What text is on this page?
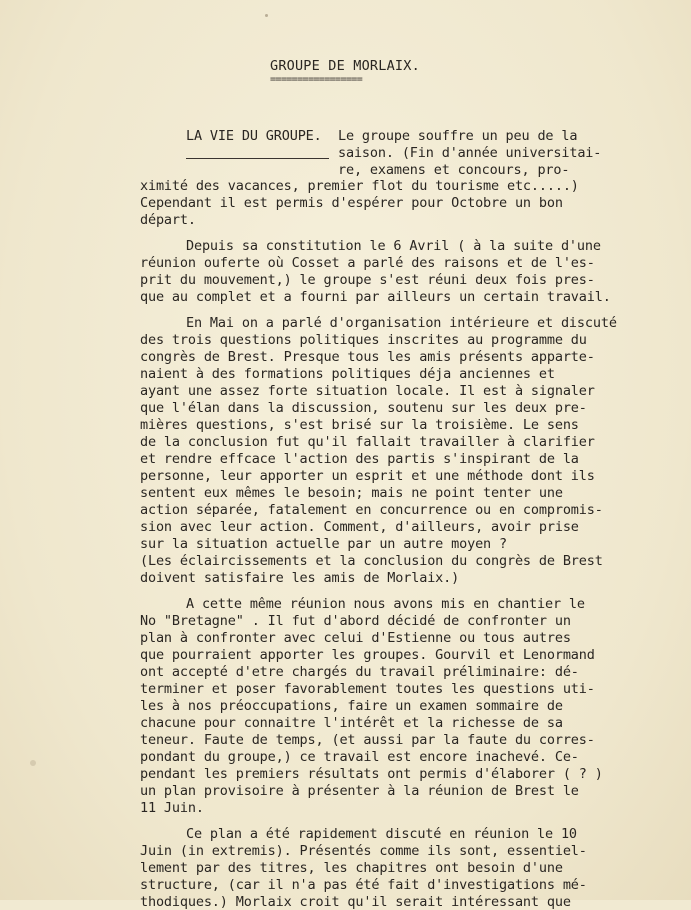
GROUPE DE MORLAIX.
=================
LA VIE DU GROUPE. Le groupe souffre un peu de la
saison. (Fin d'année universitai-
re, examens et concours, pro-
ximité des vacances, premier flot du tourisme etc.....)
Cependant il est permis d'espérer pour Octobre un bon
départ.
Depuis sa constitution le 6 Avril ( à la suite d'une
réunion ouferte où Cosset a parlé des raisons et de l'es-
prit du mouvement,) le groupe s'est réuni deux fois pres-
que au complet et a fourni par ailleurs un certain travail.
En Mai on a parlé d'organisation intérieure et discuté
des trois questions politiques inscrites au programme du
congrès de Brest. Presque tous les amis présents apparte-
naient à des formations politiques déja anciennes et
ayant une assez forte situation locale. Il est à signaler
que l'élan dans la discussion, soutenu sur les deux pre-
mières questions, s'est brisé sur la troisième. Le sens
de la conclusion fut qu'il fallait travailler à clarifier
et rendre effcace l'action des partis s'inspirant de la
personne, leur apporter un esprit et une méthode dont ils
sentent eux mêmes le besoin; mais ne point tenter une
action séparée, fatalement en concurrence ou en compromis-
sion avec leur action. Comment, d'ailleurs, avoir prise
sur la situation actuelle par un autre moyen ?
(Les éclaircissements et la conclusion du congrès de Brest
doivent satisfaire les amis de Morlaix.)
A cette même réunion nous avons mis en chantier le
No "Bretagne" . Il fut d'abord décidé de confronter un
plan à confronter avec celui d'Estienne ou tous autres
que pourraient apporter les groupes. Gourvil et Lenormand
ont accepté d'etre chargés du travail préliminaire: dé-
terminer et poser favorablement toutes les questions uti-
les à nos préoccupations, faire un examen sommaire de
chacune pour connaitre l'intérêt et la richesse de sa
teneur. Faute de temps, (et aussi par la faute du corres-
pondant du groupe,) ce travail est encore inachevé. Ce-
pendant les premiers résultats ont permis d'élaborer ( ? )
un plan provisoire à présenter à la réunion de Brest le
11 Juin.
Ce plan a été rapidement discuté en réunion le 10
Juin (in extremis). Présentés comme ils sont, essentiel-
lement par des titres, les chapitres ont besoin d'une
structure, (car il n'a pas été fait d'investigations mé-
thodiques.) Morlaix croit qu'il serait intéressant que
